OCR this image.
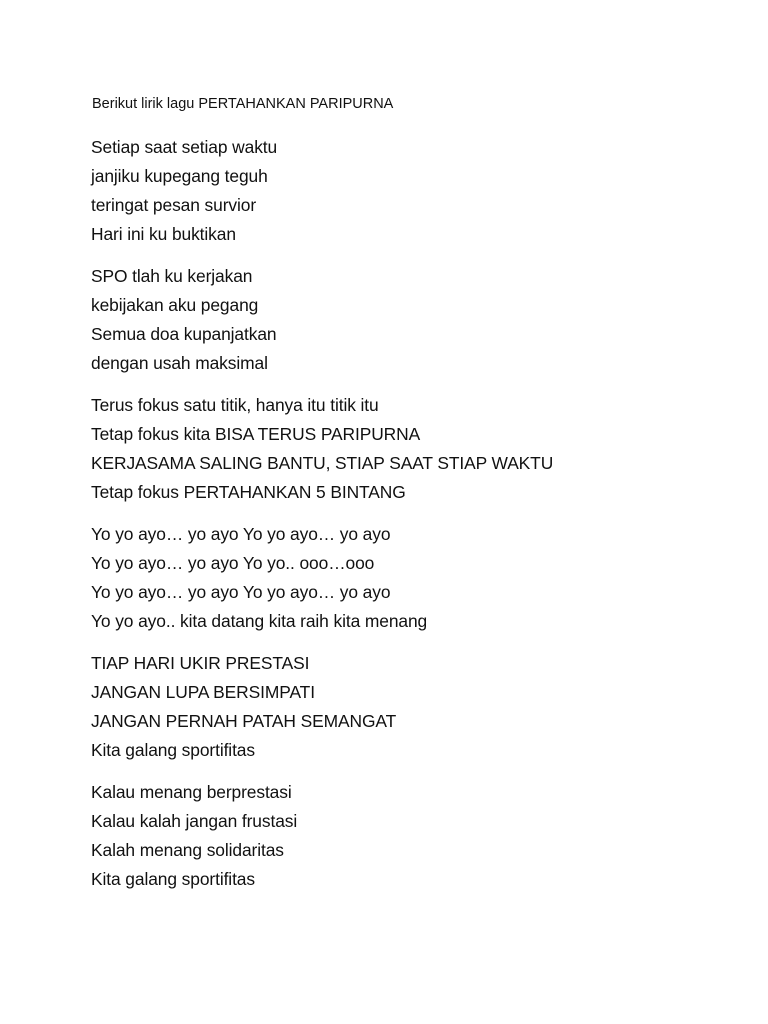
Berikut lirik lagu PERTAHANKAN PARIPURNA
Setiap saat setiap waktu
janjiku kupegang teguh
teringat pesan survior
Hari ini ku buktikan
SPO tlah ku kerjakan
kebijakan aku pegang
Semua doa kupanjatkan
dengan usah maksimal
Terus fokus satu titik, hanya itu titik itu
Tetap fokus kita BISA TERUS PARIPURNA
KERJASAMA SALING BANTU, STIAP SAAT STIAP WAKTU
Tetap fokus PERTAHANKAN 5 BINTANG
Yo yo ayo… yo ayo Yo yo ayo… yo ayo
Yo yo ayo… yo ayo Yo yo.. ooo…ooo
Yo yo ayo… yo ayo Yo yo ayo… yo ayo
Yo yo ayo.. kita datang kita raih kita menang
TIAP HARI UKIR PRESTASI
JANGAN LUPA BERSIMPATI
JANGAN PERNAH PATAH SEMANGAT
Kita galang sportifitas
Kalau menang berprestasi
Kalau kalah jangan frustasi
Kalah menang solidaritas
Kita galang sportifitas
